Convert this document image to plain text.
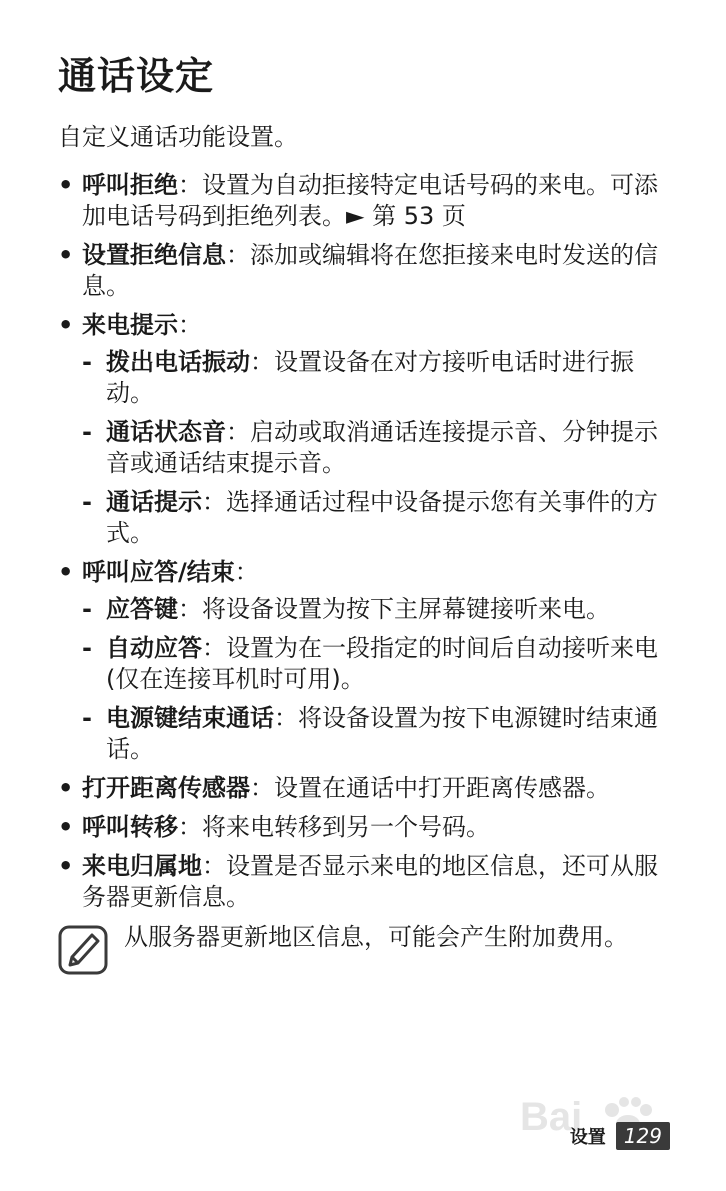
通话设定

自定义通话功能设置。

• 呼叫拒绝：设置为自动拒接特定电话号码的来电。可添加电话号码到拒绝列表。► 第 53 页
• 设置拒绝信息：添加或编辑将在您拒接来电时发送的信息。
• 来电提示：
- 拨出电话振动：设置设备在对方接听电话时进行振动。
- 通话状态音：启动或取消通话连接提示音、分钟提示音或通话结束提示音。
- 通话提示：选择通话过程中设备提示您有关事件的方式。
• 呼叫应答/结束：
- 应答键：将设备设置为按下主屏幕键接听来电。
- 自动应答：设置为在一段指定的时间后自动接听来电 (仅在连接耳机时可用)。
- 电源键结束通话：将设备设置为按下电源键时结束通话。
• 打开距离传感器：设置在通话中打开距离传感器。
• 呼叫转移：将来电转移到另一个号码。
• 来电归属地：设置是否显示来电的地区信息，还可从服务器更新信息。
从服务器更新地区信息，可能会产生附加费用。
Bai
设置 129
